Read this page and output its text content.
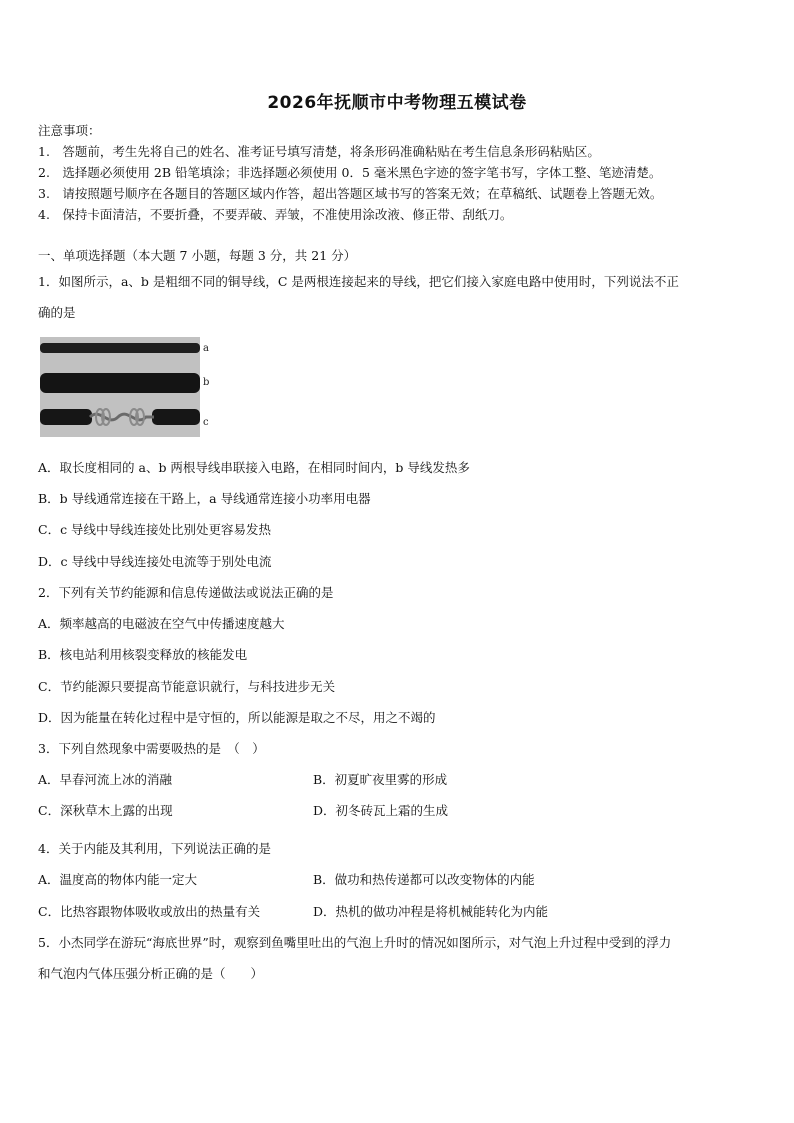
2026年抚顺市中考物理五模试卷
注意事项：
1.　答题前，考生先将自己的姓名、准考证号填写清楚，将条形码准确粘贴在考生信息条形码粘贴区。
2.　选择题必须使用 2B 铅笔填涂；非选择题必须使用 0．5 毫米黑色字迹的签字笔书写，字体工整、笔迹清楚。
3.　请按照题号顺序在各题目的答题区域内作答，超出答题区域书写的答案无效；在草稿纸、试题卷上答题无效。
4.　保持卡面清洁，不要折叠，不要弄破、弄皱，不准使用涂改液、修正带、刮纸刀。
一、单项选择题（本大题 7 小题，每题 3 分，共 21 分）
1．如图所示，a、b 是粗细不同的铜导线，C 是两根连接起来的导线，把它们接入家庭电路中使用时，下列说法不正
确的是
a
b
c
A．取长度相同的 a、b 两根导线串联接入电路，在相同时间内，b 导线发热多
B．b 导线通常连接在干路上，a 导线通常连接小功率用电器
C．c 导线中导线连接处比别处更容易发热
D．c 导线中导线连接处电流等于别处电流
2．下列有关节约能源和信息传递做法或说法正确的是
A．频率越高的电磁波在空气中传播速度越大
B．核电站利用核裂变释放的核能发电
C．节约能源只要提高节能意识就行，与科技进步无关
D．因为能量在转化过程中是守恒的，所以能源是取之不尽，用之不竭的
3．下列自然现象中需要吸热的是　（　）
A．早春河流上冰的消融	B．初夏旷夜里雾的形成
C．深秋草木上露的出现	D．初冬砖瓦上霜的生成
4．关于内能及其利用，下列说法正确的是
A．温度高的物体内能一定大	B．做功和热传递都可以改变物体的内能
C．比热容跟物体吸收或放出的热量有关	D．热机的做功冲程是将机械能转化为内能
5．小杰同学在游玩“海底世界”时，观察到鱼嘴里吐出的气泡上升时的情况如图所示，对气泡上升过程中受到的浮力
和气泡内气体压强分析正确的是（　　）
